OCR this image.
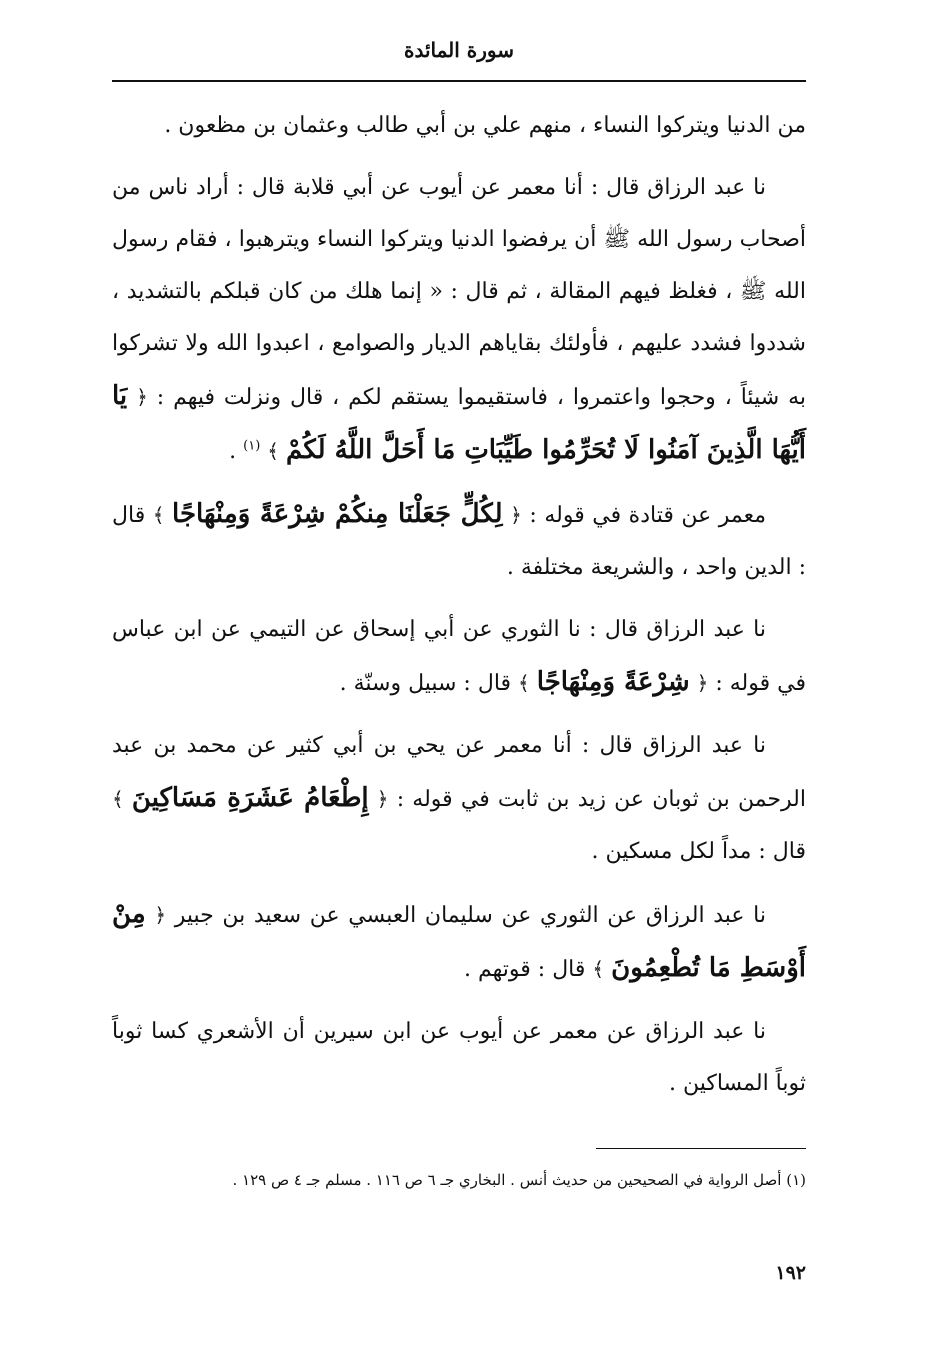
سورة المائدة

من الدنيا ويتركوا النساء ، منهم علي بن أبي طالب وعثمان بن مظعون .

نا عبد الرزاق قال : أنا معمر عن أيوب عن أبي قلابة قال : أراد ناس من أصحاب رسول الله ﷺ أن يرفضوا الدنيا ويتركوا النساء ويترهبوا ، فقام رسول الله ﷺ ، فغلظ فيهم المقالة ، ثم قال : « إنما هلك من كان قبلكم بالتشديد ، شددوا فشدد عليهم ، فأولئك بقاياهم الديار والصوامع ، اعبدوا الله ولا تشركوا به شيئاً ، وحجوا واعتمروا ، فاستقيموا يستقم لكم ، قال ونزلت فيهم : ﴿ يَا أَيُّهَا الَّذِينَ آمَنُوا لَا تُحَرِّمُوا طَيِّبَاتِ مَا أَحَلَّ اللَّهُ لَكُمْ ﴾ $^{(١)}$ .

معمر عن قتادة في قوله : ﴿ لِكُلٍّ جَعَلْنَا مِنكُمْ شِرْعَةً وَمِنْهَاجًا ﴾ قال : الدين واحد ، والشريعة مختلفة .

نا عبد الرزاق قال : نا الثوري عن أبي إسحاق عن التيمي عن ابن عباس في قوله : ﴿ شِرْعَةً وَمِنْهَاجًا ﴾ قال : سبيل وسنّة .

نا عبد الرزاق قال : أنا معمر عن يحي بن أبي كثير عن محمد بن عبد الرحمن بن ثوبان عن زيد بن ثابت في قوله : ﴿ إِطْعَامُ عَشَرَةِ مَسَاكِينَ ﴾ قال : مداً لكل مسكين .

نا عبد الرزاق عن الثوري عن سليمان العبسي عن سعيد بن جبير ﴿ مِنْ أَوْسَطِ مَا تُطْعِمُونَ ﴾ قال : قوتهم .

نا عبد الرزاق عن معمر عن أيوب عن ابن سيرين أن الأشعري كسا ثوباً ثوباً المساكين .

(١) أصل الرواية في الصحيحين من حديث أنس . البخاري جـ ٦ ص ١١٦ . مسلم جـ ٤ ص ١٢٩ .
١٩٢
